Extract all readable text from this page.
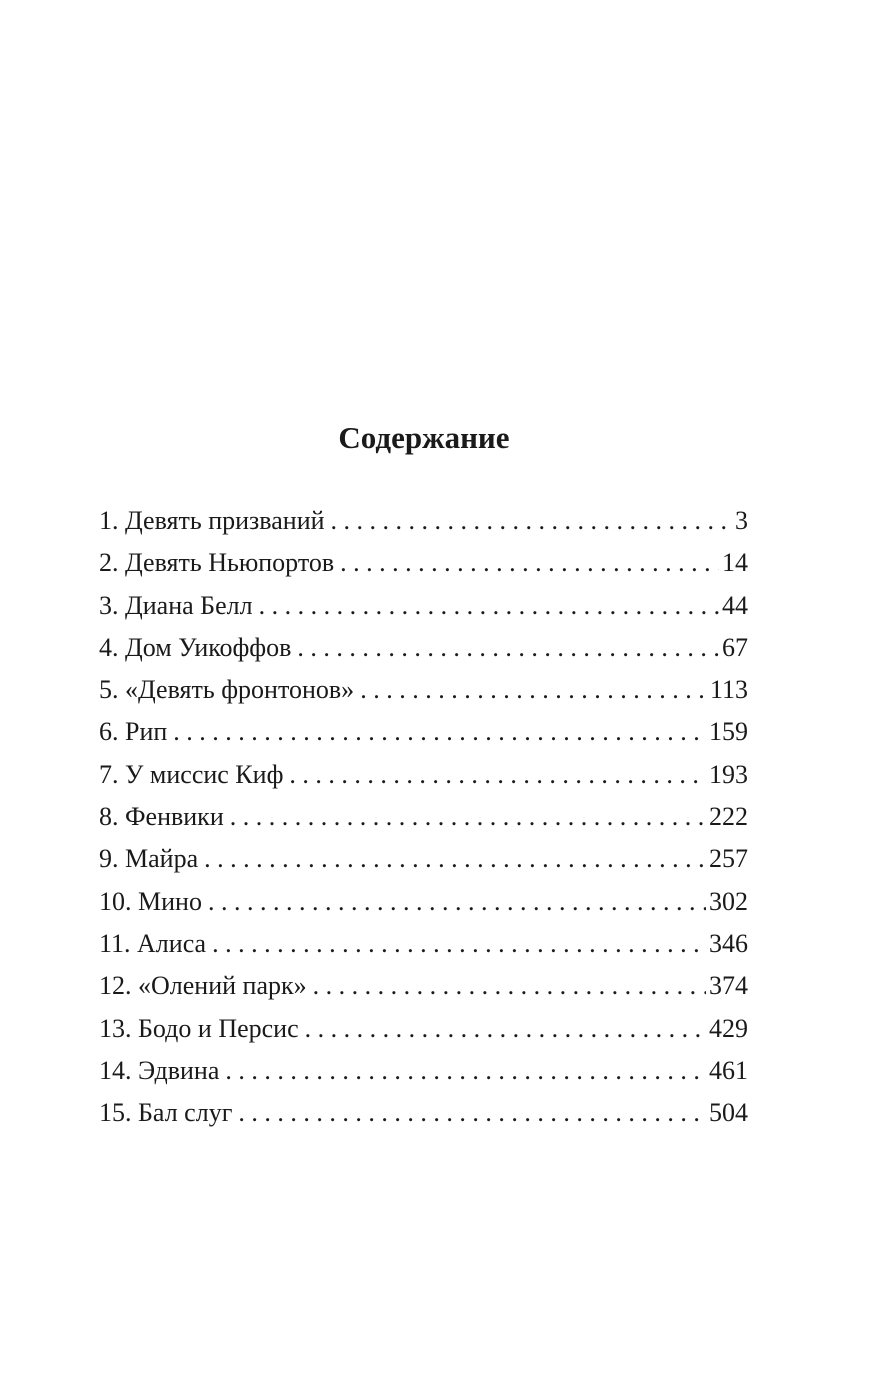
Содержание
1. Девять призваний . . .	3
2. Девять Ньюпортов . . .	14
3. Диана Белл . . .	44
4. Дом Уикоффов . . .	67
5. «Девять фронтонов» . . .	113
6. Рип . . .	159
7. У миссис Киф . . .	193
8. Фенвики . . .	222
9. Майра . . .	257
10. Мино . . .	302
11. Алиса . . .	346
12. «Олений парк» . . .	374
13. Бодо и Персис . . .	429
14. Эдвина . . .	461
15. Бал слуг . . .	504
